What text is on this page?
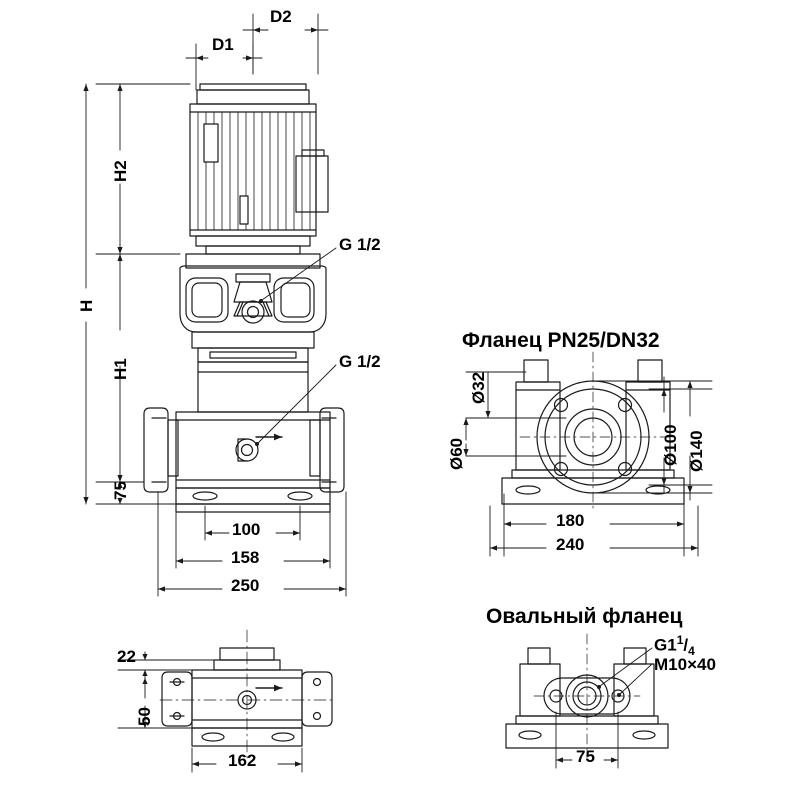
D2
D1
H2
H1
H
75
G 1/2
G 1/2
100
158
250
22
50
162
Фланец PN25/DN32
Ø32
Ø60	Ø100 Ø140
180
240
Овальный фланец
$G1^1/_4$
M10×40
75
